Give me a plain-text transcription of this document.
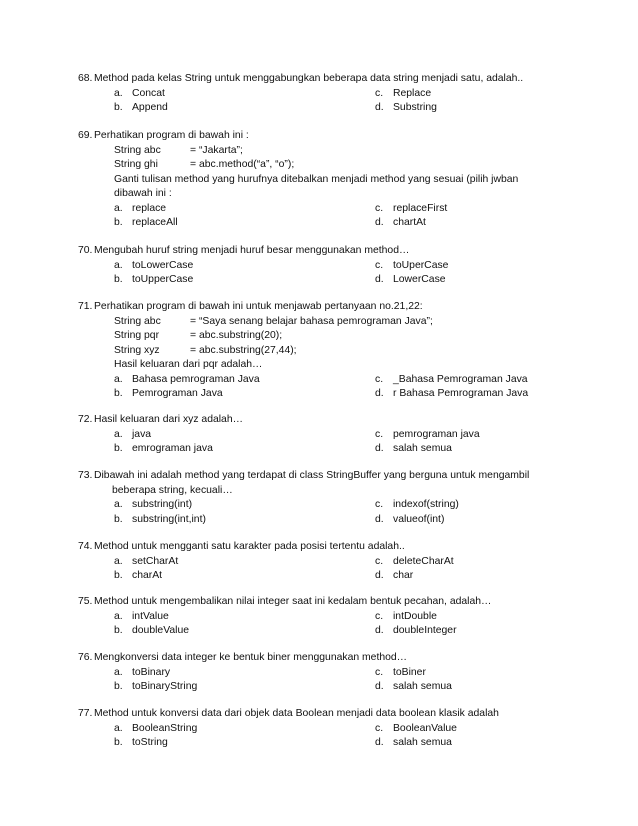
68. Method pada kelas String untuk menggabungkan beberapa data string menjadi satu, adalah..
a. Concat	c. Replace
b. Append	d. Substring
69. Perhatikan program di bawah ini :
String abc	= “Jakarta”;
String ghi	= abc.method(“a”, “o”);
Ganti tulisan method yang hurufnya ditebalkan menjadi method yang sesuai (pilih jwban
dibawah ini :
a. replace	c. replaceFirst
b. replaceAll	d. chartAt
70. Mengubah huruf string menjadi huruf besar menggunakan method…
a. toLowerCase	c. toUperCase
b. toUpperCase	d. LowerCase
71. Perhatikan program di bawah ini untuk menjawab pertanyaan no.21,22:
String abc	= “Saya senang belajar bahasa pemrograman Java”;
String pqr	= abc.substring(20);
String xyz	= abc.substring(27,44);
Hasil keluaran dari pqr adalah…
a. Bahasa pemrograman Java	c. _Bahasa Pemrograman Java
b. Pemrograman Java	d. r Bahasa Pemrograman Java
72. Hasil keluaran dari xyz adalah…
a. java	c. pemrograman java
b. emrograman java	d. salah semua
73. Dibawah ini adalah method yang terdapat di class StringBuffer yang berguna untuk mengambil
beberapa string, kecuali…
a. substring(int)	c. indexof(string)
b. substring(int,int)	d. valueof(int)
74. Method untuk mengganti satu karakter pada posisi tertentu adalah..
a. setCharAt	c. deleteCharAt
b. charAt	d. char
75. Method untuk mengembalikan nilai integer saat ini kedalam bentuk pecahan, adalah…
a. intValue	c. intDouble
b. doubleValue	d. doubleInteger
76. Mengkonversi data integer ke bentuk biner menggunakan method…
a. toBinary	c. toBiner
b. toBinaryString	d. salah semua
77. Method untuk konversi data dari objek data Boolean menjadi data boolean klasik adalah
a. BooleanString	c. BooleanValue
b. toString	d. salah semua
